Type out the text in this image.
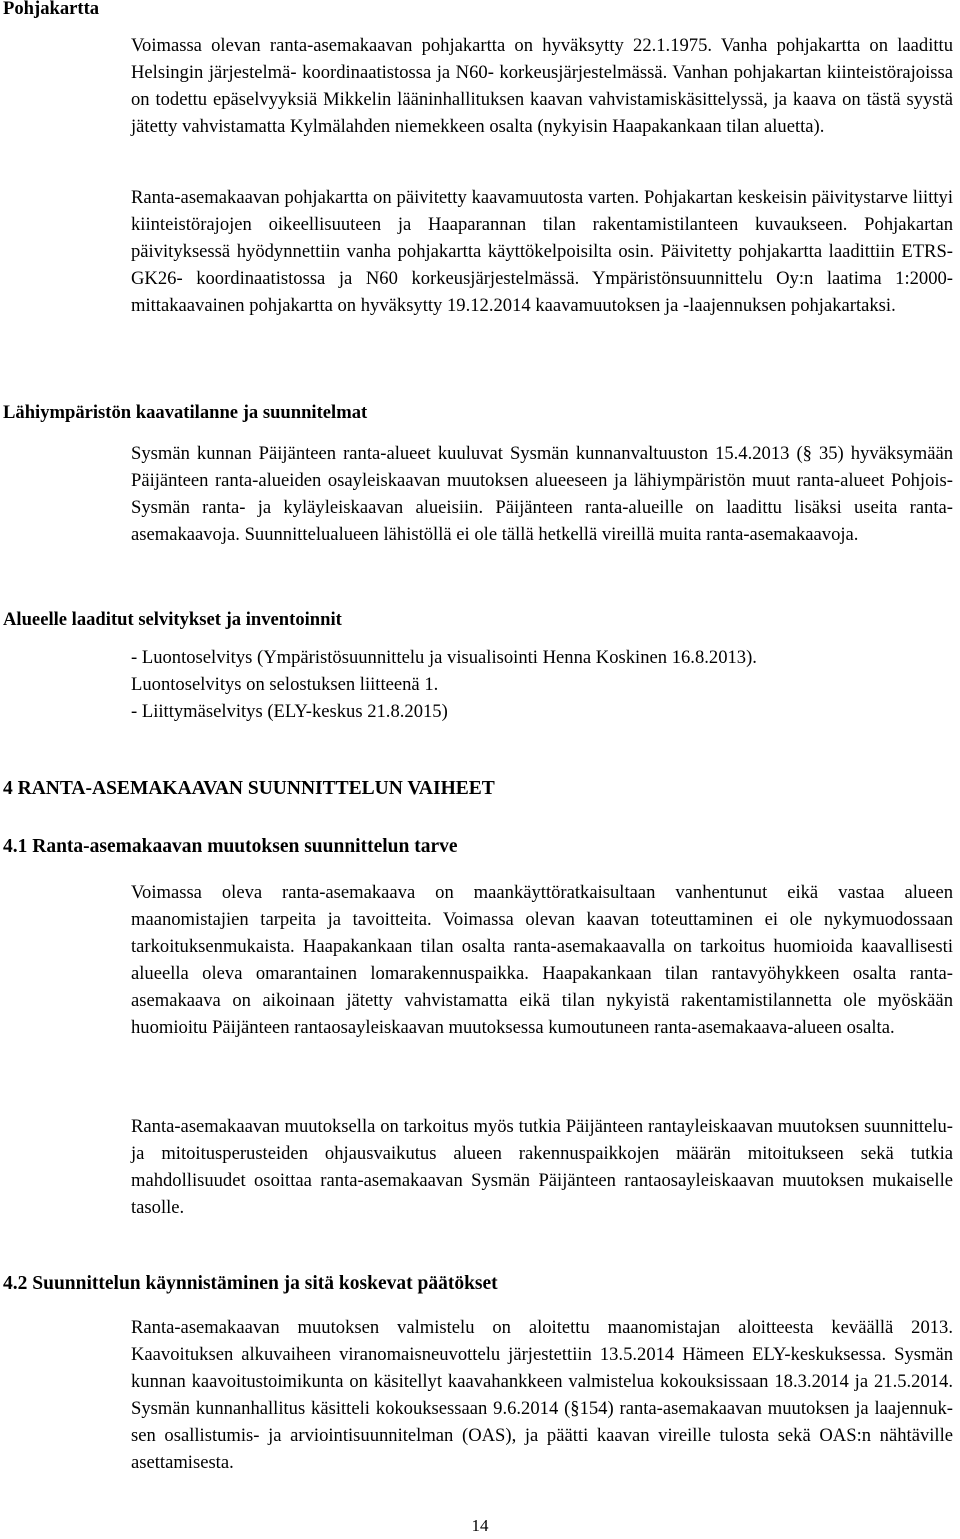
Pohjakartta

Voimassa olevan ranta-asemakaavan pohjakartta on hyväksytty 22.1.1975. Vanha pohjakartta on laadittu Helsingin järjestelmä- koordinaatistossa ja N60- korkeusjärjestelmässä. Vanhan pohjakartan kiinteistörajoissa on todettu epäselvyyksiä Mikkelin lääninhallituksen kaavan vahvistamiskäsittelyssä, ja kaava on tästä syystä jätetty vahvistamatta Kylmälahden niemekkeen osalta (nykyisin Haapakankaan tilan aluetta).

Ranta-asemakaavan pohjakartta on päivitetty kaavamuutosta varten. Pohjakartan keskeisin päivitystarve liittyi kiinteistörajojen oikeellisuuteen ja Haaparannan tilan rakentamistilanteen kuvaukseen. Pohjakartan päivityksessä hyödynnettiin vanha pohjakartta käyttökelpoisilta osin. Päivitetty pohjakartta laadittiin ETRS-GK26- koordinaatistossa ja N60 korkeusjärjestelmässä. Ympäristönsuunnittelu Oy:n laatima 1:2000-mittakaavainen pohjakartta on hyväksytty 19.12.2014 kaavamuutoksen ja -laajennuksen pohjakartaksi.

Lähiympäristön kaavatilanne ja suunnitelmat

Sysmän kunnan Päijänteen ranta-alueet kuuluvat Sysmän kunnanvaltuuston 15.4.2013 (§ 35) hyväksymään Päijänteen ranta-alueiden osayleiskaavan muutoksen alueeseen ja lähiympäristön muut ranta-alueet Pohjois-Sysmän ranta- ja kyläyleiskaavan alueisiin. Päijänteen ranta-alueille on laadittu lisäksi useita ranta-asemakaavoja. Suunnittelualueen lähistöllä ei ole tällä hetkellä vireillä muita ranta-asemakaavoja.

Alueelle laaditut selvitykset ja inventoinnit
- Luontoselvitys (Ympäristösuunnittelu ja visualisointi Henna Koskinen 16.8.2013).
Luontoselvitys on selostuksen liitteenä 1.
- Liittymäselvitys (ELY-keskus 21.8.2015)
4 RANTA-ASEMAKAAVAN SUUNNITTELUN VAIHEET
4.1 Ranta-asemakaavan muutoksen suunnittelun tarve

Voimassa oleva ranta-asemakaava on maankäyttöratkaisultaan vanhentunut eikä vastaa alueen maanomistajien tarpeita ja tavoitteita. Voimassa olevan kaavan toteuttaminen ei ole nykymuodossaan tarkoituksenmukaista. Haapakankaan tilan osalta ranta-asemakaavalla on tarkoitus huomioida kaavallisesti alueella oleva omarantainen lomarakennuspaikka. Haapakankaan tilan rantavyöhykkeen osalta ranta-asemakaava on aikoinaan jätetty vahvistamatta eikä tilan nykyistä rakentamistilannetta ole myöskään huomioitu Päijänteen rantaosayleiskaavan muutoksessa kumoutuneen ranta-asemakaava-alueen osalta.

Ranta-asemakaavan muutoksella on tarkoitus myös tutkia Päijänteen rantayleiskaavan muutoksen suunnittelu- ja mitoitusperusteiden ohjausvaikutus alueen rakennuspaikkojen määrän mitoitukseen sekä tutkia mahdollisuudet osoittaa ranta-asemakaavan Sysmän Päijänteen rantaosayleiskaavan muutoksen mukaiselle tasolle.

4.2 Suunnittelun käynnistäminen ja sitä koskevat päätökset

Ranta-asemakaavan muutoksen valmistelu on aloitettu maanomistajan aloitteesta keväällä 2013. Kaavoituksen alkuvaiheen viranomaisneuvottelu järjestettiin 13.5.2014 Hämeen ELY-keskuksessa. Sysmän kunnan kaavoitustoimikunta on käsitellyt kaavahankkeen valmistelua kokouksissaan 18.3.2014 ja 21.5.2014. Sysmän kunnanhallitus käsitteli kokouksessaan 9.6.2014 (§154) ranta-asemakaavan muutoksen ja laajennuksen osallistumis- ja arviointisuunnitelman (OAS), ja päätti kaavan vireille tulosta sekä OAS:n nähtäville asettamisesta.

14
